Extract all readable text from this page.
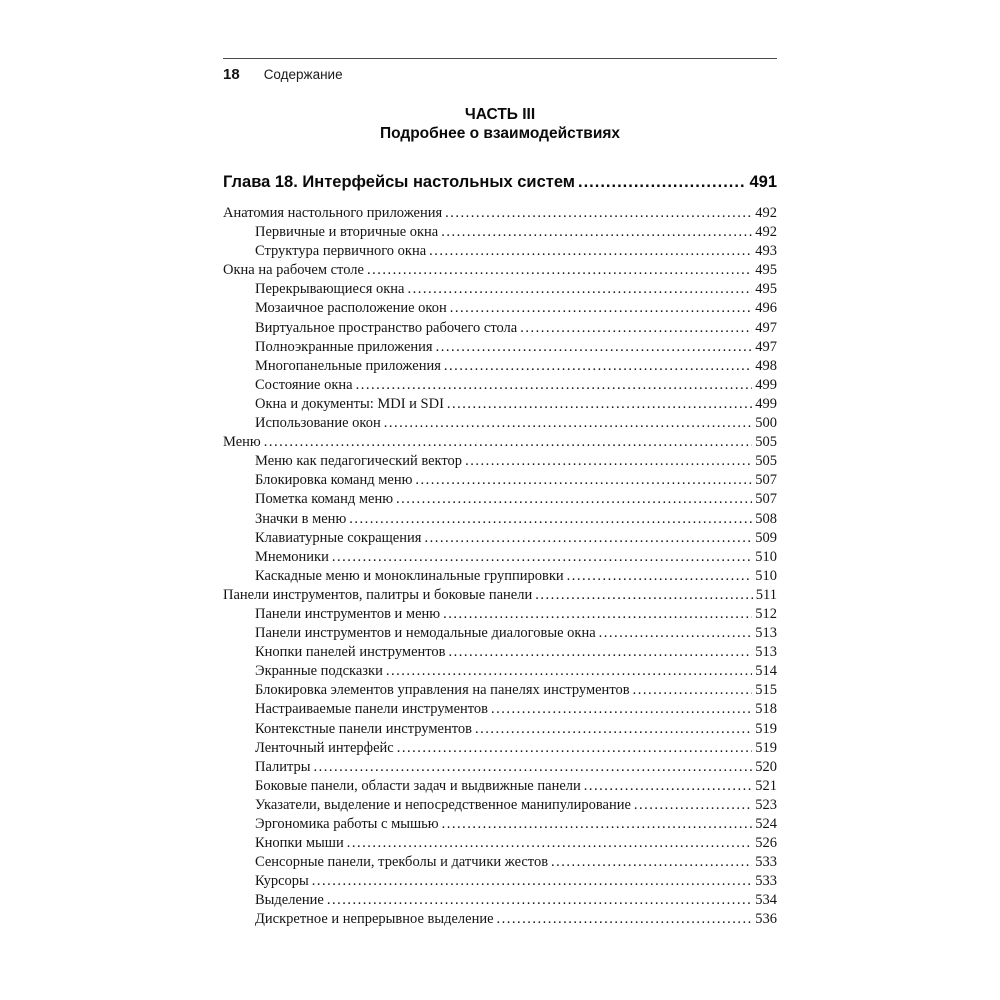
18 Содержание
ЧАСТЬ III
Подробнее о взаимодействиях
Глава 18. Интерфейсы настольных систем .....	491
Анатомия настольного приложения .....	492
Первичные и вторичные окна .....	492
Структура первичного окна .....	493
Окна на рабочем столе .....	495
Перекрывающиеся окна .....	495
Мозаичное расположение окон .....	496
Виртуальное пространство рабочего стола .....	497
Полноэкранные приложения .....	497
Многопанельные приложения .....	498
Состояние окна .....	499
Окна и документы: MDI и SDI .....	499
Использование окон .....	500
Меню .....	505
Меню как педагогический вектор .....	505
Блокировка команд меню .....	507
Пометка команд меню .....	507
Значки в меню .....	508
Клавиатурные сокращения .....	509
Мнемоники .....	510
Каскадные меню и моноклинальные группировки .....	510
Панели инструментов, палитры и боковые панели .....	511
Панели инструментов и меню .....	512
Панели инструментов и немодальные диалоговые окна .....	513
Кнопки панелей инструментов .....	513
Экранные подсказки .....	514
Блокировка элементов управления на панелях инструментов .....	515
Настраиваемые панели инструментов .....	518
Контекстные панели инструментов .....	519
Ленточный интерфейс .....	519
Палитры .....	520
Боковые панели, области задач и выдвижные панели .....	521
Указатели, выделение и непосредственное манипулирование .....	523
Эргономика работы с мышью .....	524
Кнопки мыши .....	526
Сенсорные панели, трекболы и датчики жестов .....	533
Курсоры .....	533
Выделение .....	534
Дискретное и непрерывное выделение .....	536
